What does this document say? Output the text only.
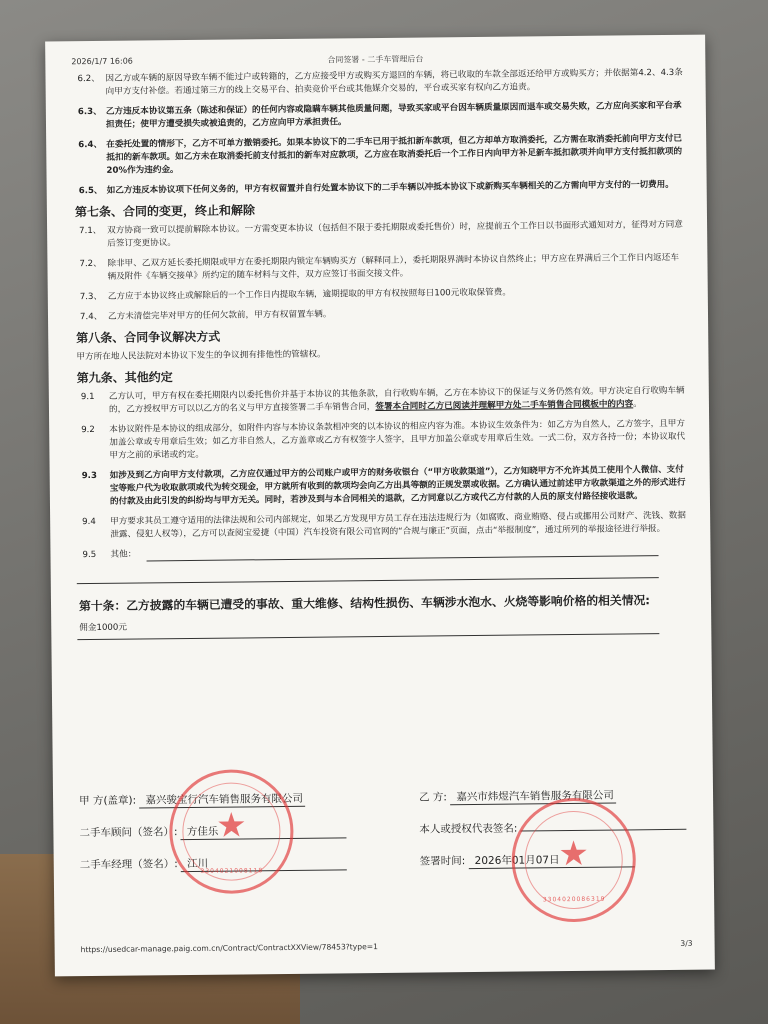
2026/1/7 16:06	合同签署 - 二手车管理后台
6.2、 因乙方或车辆的原因导致车辆不能过户或转籍的，乙方应接受甲方或购买方退回的车辆，将已收取的车款全部返还给甲方或购买方；并依据第4.2、4.3条向甲方支付补偿。若通过第三方的线上交易平台、拍卖竞价平台或其他媒介交易的，平台或买家有权向乙方追责。
6.3、 乙方违反本协议第五条（陈述和保证）的任何内容或隐瞒车辆其他质量问题，导致买家或平台因车辆质量原因而退车或交易失败，乙方应向买家和平台承担责任；使甲方遭受损失或被追责的，乙方应向甲方承担责任。
6.4、 在委托处置的情形下，乙方不可单方撤销委托。如果本协议下的二手车已用于抵扣新车款项，但乙方却单方取消委托，乙方需在取消委托前向甲方支付已抵扣的新车款项。如乙方未在取消委托前支付抵扣的新车对应款项，乙方应在取消委托后一个工作日内向甲方补足新车抵扣款项并向甲方支付抵扣款项的20%作为违约金。
6.5、 如乙方违反本协议项下任何义务的，甲方有权留置并自行处置本协议下的二手车辆以冲抵本协议下或新购买车辆相关的乙方需向甲方支付的一切费用。
第七条、合同的变更，终止和解除
7.1、 双方协商一致可以提前解除本协议。一方需变更本协议（包括但不限于委托期限或委托售价）时，应提前五个工作日以书面形式通知对方，征得对方同意后签订变更协议。
7.2、 除非甲、乙双方延长委托期限或甲方在委托期限内锁定车辆购买方（解释同上），委托期限界满时本协议自然终止；甲方应在界满后三个工作日内返还车辆及附件《车辆交接单》所约定的随车材料与文件，双方应签订书面交接文件。
7.3、 乙方应于本协议终止或解除后的一个工作日内提取车辆，逾期提取的甲方有权按照每日100元收取保管费。
7.4、 乙方未清偿完毕对甲方的任何欠款前，甲方有权留置车辆。
第八条、合同争议解决方式
甲方所在地人民法院对本协议下发生的争议拥有排他性的管辖权。
第九条、其他约定
9.1 乙方认可，甲方有权在委托期限内以委托售价并基于本协议的其他条款，自行收购车辆，乙方在本协议下的保证与义务仍然有效。甲方决定自行收购车辆的，乙方授权甲方可以以乙方的名义与甲方直接签署二手车销售合同，签署本合同时乙方已阅读并理解甲方处二手车销售合同模板中的内容。
9.2 本协议附件是本协议的组成部分，如附件内容与本协议条款相冲突的以本协议的相应内容为准。本协议生效条件为：如乙方为自然人，乙方签字，且甲方加盖公章或专用章后生效；如乙方非自然人，乙方盖章或乙方有权签字人签字，且甲方加盖公章或专用章后生效。一式二份，双方各持一份；本协议取代甲方之前的承诺或约定。
9.3 如涉及到乙方向甲方支付款项，乙方应仅通过甲方的公司账户或甲方的财务收银台（“甲方收款渠道”），乙方知晓甲方不允许其员工使用个人微信、支付宝等账户代为收取款项或代为转交现金，甲方就所有收到的款项均会向乙方出具等额的正规发票或收据。乙方确认通过前述甲方收款渠道之外的形式进行的付款及由此引发的纠纷均与甲方无关。同时，若涉及到与本合同相关的退款，乙方同意以乙方或代乙方付款的人员的原支付路径接收退款。
9.4 甲方要求其员工遵守适用的法律法规和公司内部规定，如果乙方发现甲方员工存在违法违规行为（如腐败、商业贿赂、侵占或挪用公司财产、洗钱、数据泄露、侵犯人权等），乙方可以查阅宝爱捷（中国）汽车投资有限公司官网的“合规与廉正”页面，点击“举报制度”，通过所列的举报途径进行举报。
9.5 其他：
第十条：乙方披露的车辆已遭受的事故、重大维修、结构性损伤、车辆涉水泡水、火烧等影响价格的相关情况:
佣金1000元
甲 方(盖章): 嘉兴骏宝行汽车销售服务有限公司
二手车顾问（签名）: 方佳乐
二手车经理（签名）: 江川
乙 方: 嘉兴市炜煜汽车销售服务有限公司
本人或授权代表签名:
签署时间: 2026年01月07日
★
3304021008118	★
3304020086319
https://usedcar-manage.paig.com.cn/Contract/ContractXXView/78453?type=1	3/3
